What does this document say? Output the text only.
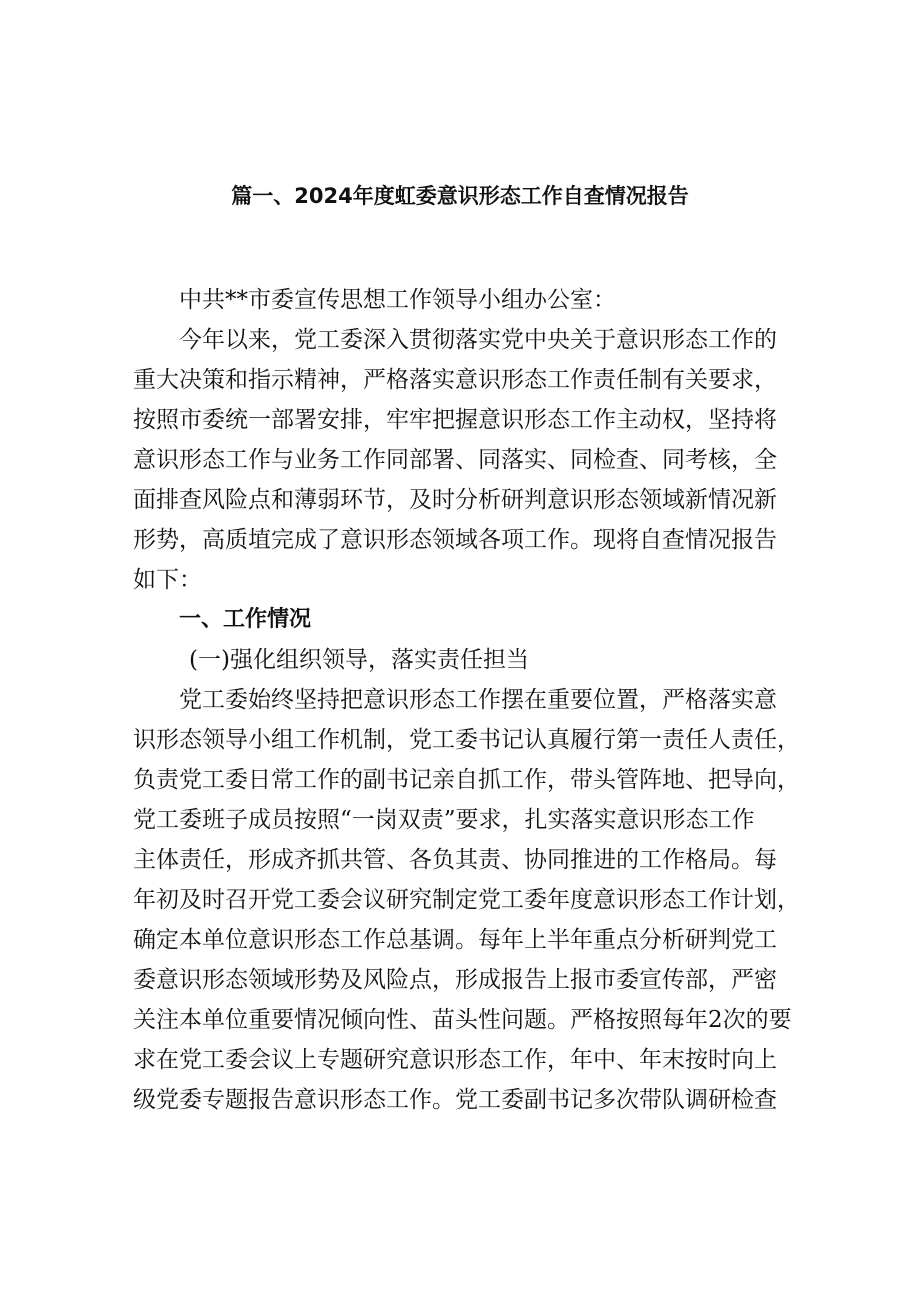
篇一、2024年度虹委意识形态工作自查情况报告
中共**市委宣传思想工作领导小组办公室：
今年以来，党工委深入贯彻落实党中央关于意识形态工作的
重大决策和指示精神，严格落实意识形态工作责任制有关要求，
按照市委统一部署安排，牢牢把握意识形态工作主动权，坚持将
意识形态工作与业务工作同部署、同落实、同检查、同考核，全
面排查风险点和薄弱环节，及时分析研判意识形态领域新情况新
形势，高质埴完成了意识形态领域各项工作。现将自查情况报告
如下：
一、工作情况
(一)强化组织领导，落实责任担当
党工委始终坚持把意识形态工作摆在重要位置，严格落实意
识形态领导小组工作机制，党工委书记认真履行第一责任人责任，
负责党工委日常工作的副书记亲自抓工作，带头管阵地、把导向，
党工委班子成员按照“一岗双责”要求，扎实落实意识形态工作
主体责任，形成齐抓共管、各负其责、协同推进的工作格局。每
年初及时召开党工委会议研究制定党工委年度意识形态工作计划，
确定本单位意识形态工作总基调。每年上半年重点分析研判党工
委意识形态领域形势及风险点，形成报告上报市委宣传部，严密
关注本单位重要情况倾向性、苗头性问题。严格按照每年2次的要
求在党工委会议上专题研究意识形态工作，年中、年末按时向上
级党委专题报告意识形态工作。党工委副书记多次带队调研检查
